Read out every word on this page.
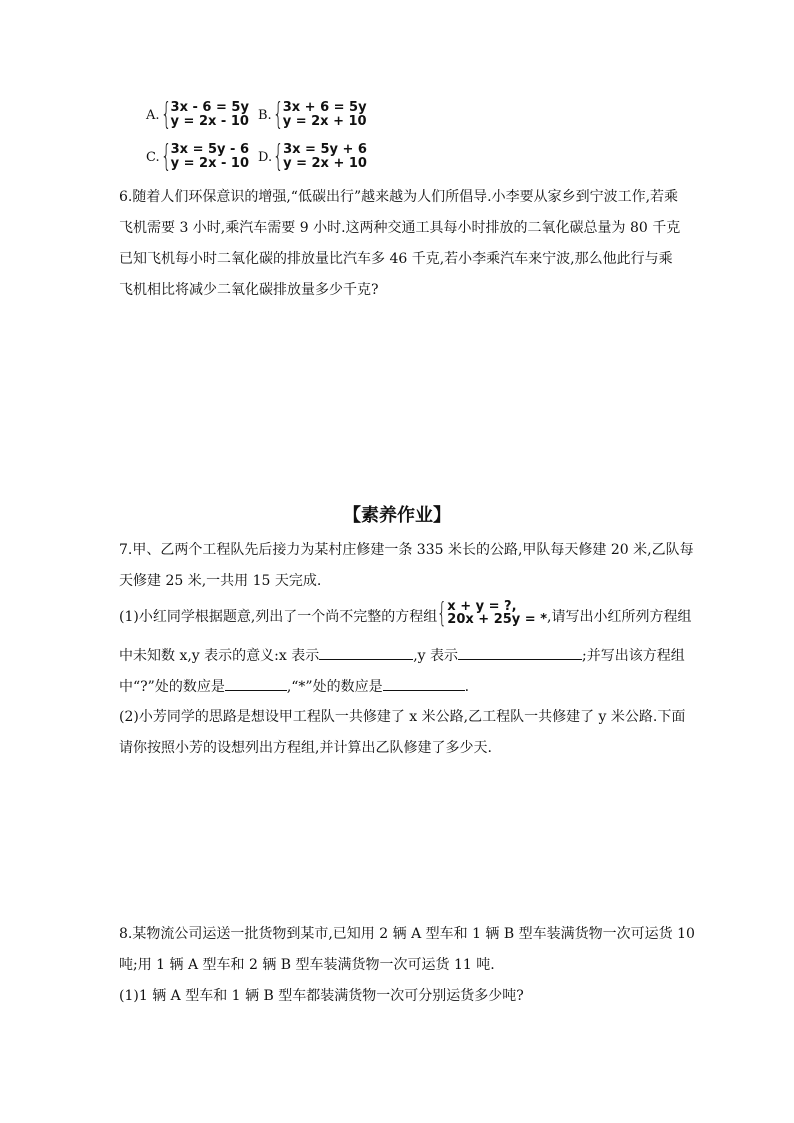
A. { 3x - 6 = 5y
y = 2x - 10 B. { 3x + 6 = 5y
y = 2x + 10
C. { 3x = 5y - 6
y = 2x - 10 D. { 3x = 5y + 6
y = 2x + 10
6.随着人们环保意识的增强,“低碳出行”越来越为人们所倡导.小李要从家乡到宁波工作,若乘
飞机需要 3 小时,乘汽车需要 9 小时.这两种交通工具每小时排放的二氧化碳总量为 80 千克
已知飞机每小时二氧化碳的排放量比汽车多 46 千克,若小李乘汽车来宁波,那么他此行与乘
飞机相比将减少二氧化碳排放量多少千克?
【素养作业】
7.甲、乙两个工程队先后接力为某村庄修建一条 335 米长的公路,甲队每天修建 20 米,乙队每
天修建 25 米,一共用 15 天完成.
(1)小红同学根据题意,列出了一个尚不完整的方程组 { x + y = ?,
20x + 25y = * ,请写出小红所列方程组
中未知数 x,y 表示的意义:x 表示	,y 表示	;并写出该方程组
中“?”处的数应是	,“*”处的数应是	.
(2)小芳同学的思路是想设甲工程队一共修建了 x 米公路,乙工程队一共修建了 y 米公路.下面
请你按照小芳的设想列出方程组,并计算出乙队修建了多少天.
8.某物流公司运送一批货物到某市,已知用 2 辆 A 型车和 1 辆 B 型车装满货物一次可运货 10
吨;用 1 辆 A 型车和 2 辆 B 型车装满货物一次可运货 11 吨.
(1)1 辆 A 型车和 1 辆 B 型车都装满货物一次可分别运货多少吨?
